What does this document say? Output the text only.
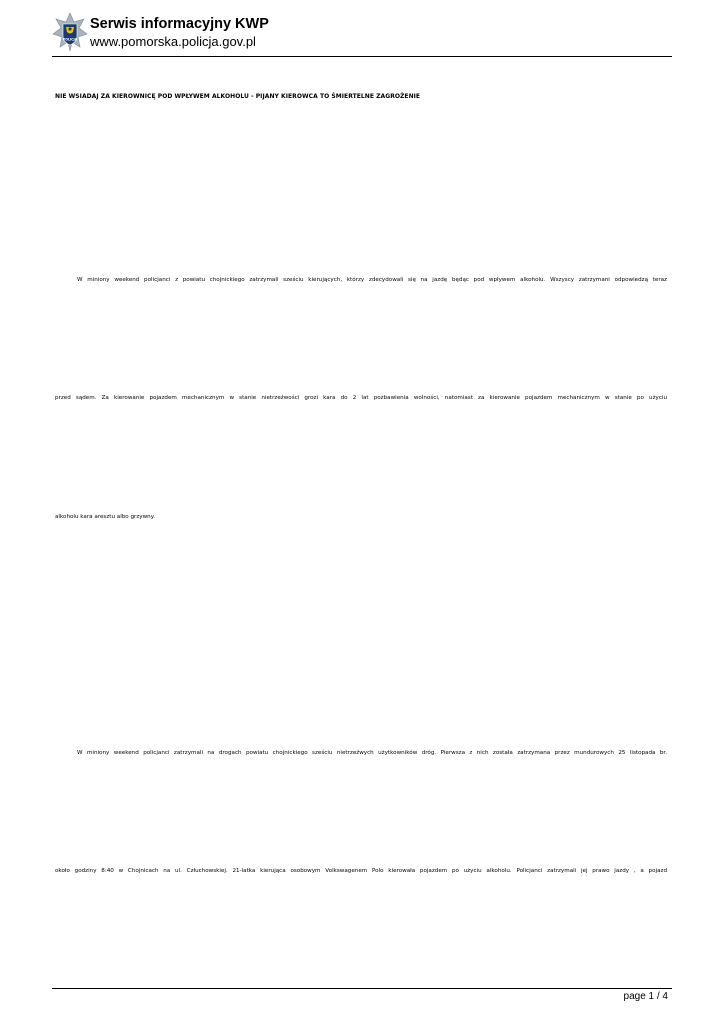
POLICJA
Serwis informacyjny KWP
www.pomorska.policja.gov.pl
NIE WSIADAJ ZA KIEROWNICĘ POD WPŁYWEM ALKOHOLU - PIJANY KIEROWCA TO ŚMIERTELNE ZAGROŻENIE
W miniony weekend policjanci z powiatu chojnickiego zatrzymali sześciu kierujących, którzy zdecydowali się na jazdę będąc pod wpływem alkoholu. Wszyscy zatrzymani odpowiedzą teraz
przed sądem. Za kierowanie pojazdem mechanicznym w stanie nietrzeźwości grozi kara do 2 lat pozbawienia wolności, natomiast za kierowanie pojazdem mechanicznym w stanie po użyciu
alkoholu kara aresztu albo grzywny.
W miniony weekend policjanci zatrzymali na drogach powiatu chojnickiego sześciu nietrzeźwych użytkowników dróg. Pierwsza z nich została zatrzymana przez mundurowych 25 listopada br.
około godziny 8:40 w Chojnicach na ul. Człuchowskiej. 21-latka kierująca osobowym Volkswagenem Polo kierowała pojazdem po użyciu alkoholu. Policjanci zatrzymali jej prawo jazdy , a pojazd
page 1 / 4
